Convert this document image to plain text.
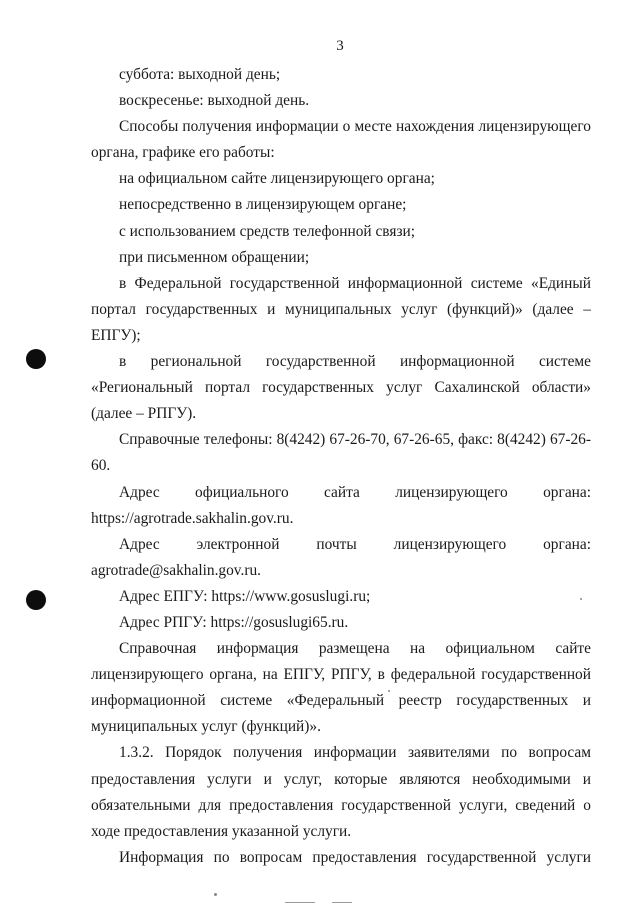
3

суббота: выходной день;

воскресенье: выходной день.

Способы получения информации о месте нахождения лицензирующего органа, графике его работы:

на официальном сайте лицензирующего органа;

непосредственно в лицензирующем органе;

с использованием средств телефонной связи;

при письменном обращении;

в Федеральной государственной информационной системе «Единый портал государственных и муниципальных услуг (функций)» (далее – ЕПГУ);

в региональной государственной информационной системе «Региональный портал государственных услуг Сахалинской области» (далее – РПГУ).

Справочные телефоны: 8(4242) 67-26-70, 67-26-65, факс: 8(4242) 67-26-60.

Адрес официального сайта лицензирующего органа: https://agrotrade.sakhalin.gov.ru.

Адрес электронной почты лицензирующего органа: agrotrade@sakhalin.gov.ru.

Адрес ЕПГУ: https://www.gosuslugi.ru;

Адрес РПГУ: https://gosuslugi65.ru.

Справочная информация размещена на официальном сайте лицензирующего органа, на ЕПГУ, РПГУ, в федеральной государственной информационной системе «Федеральный реестр государственных и муниципальных услуг (функций)».

1.3.2. Порядок получения информации заявителями по вопросам предоставления услуги и услуг, которые являются необходимыми и обязательными для предоставления государственной услуги, сведений о ходе предоставления указанной услуги.

Информация по вопросам предоставления государственной услуги
